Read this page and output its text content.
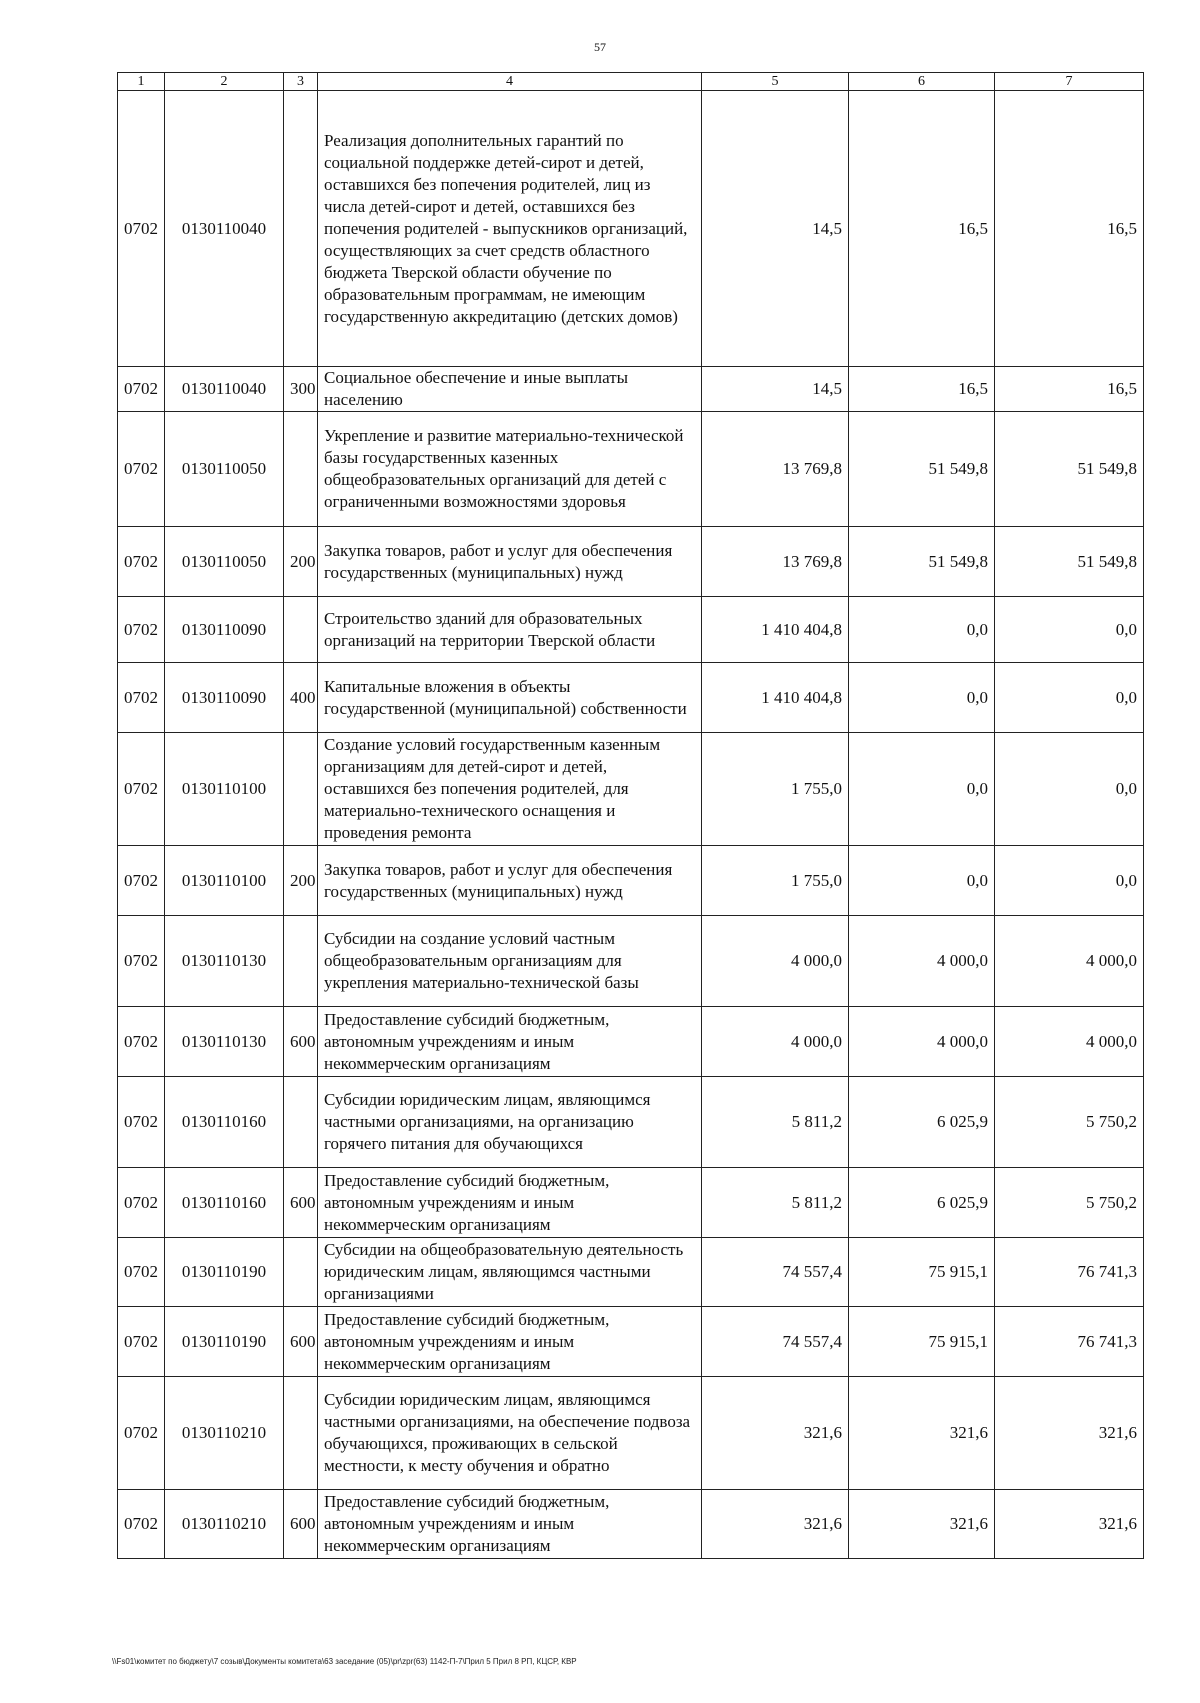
57
1	2	3	4	5	6	7
0702	0130110040		Реализация дополнительных гарантий по социальной поддержке детей-сирот и детей, оставшихся без попечения родителей, лиц из числа детей-сирот и детей, оставшихся без попечения родителей - выпускников организаций, осуществляющих за счет средств областного бюджета Тверской области обучение по образовательным программам, не имеющим государственную аккредитацию (детских домов)	14,5	16,5	16,5
0702	0130110040	300	Социальное обеспечение и иные выплаты населению	14,5	16,5	16,5
0702	0130110050		Укрепление и развитие материально-технической базы государственных казенных общеобразовательных организаций для детей с ограниченными возможностями здоровья	13 769,8	51 549,8	51 549,8
0702	0130110050	200	Закупка товаров, работ и услуг для обеспечения государственных (муниципальных) нужд	13 769,8	51 549,8	51 549,8
0702	0130110090		Строительство зданий для образовательных организаций на территории Тверской области	1 410 404,8	0,0	0,0
0702	0130110090	400	Капитальные вложения в объекты государственной (муниципальной) собственности	1 410 404,8	0,0	0,0
0702	0130110100		Создание условий государственным казенным организациям для детей-сирот и детей, оставшихся без попечения родителей, для материально-технического оснащения и проведения ремонта	1 755,0	0,0	0,0
0702	0130110100	200	Закупка товаров, работ и услуг для обеспечения государственных (муниципальных) нужд	1 755,0	0,0	0,0
0702	0130110130		Субсидии на создание условий частным общеобразовательным организациям для укрепления материально-технической базы	4 000,0	4 000,0	4 000,0
0702	0130110130	600	Предоставление субсидий бюджетным, автономным учреждениям и иным некоммерческим организациям	4 000,0	4 000,0	4 000,0
0702	0130110160		Субсидии юридическим лицам, являющимся частными организациями, на организацию горячего питания для обучающихся	5 811,2	6 025,9	5 750,2
0702	0130110160	600	Предоставление субсидий бюджетным, автономным учреждениям и иным некоммерческим организациям	5 811,2	6 025,9	5 750,2
0702	0130110190		Субсидии на общеобразовательную деятельность юридическим лицам, являющимся частными организациями	74 557,4	75 915,1	76 741,3
0702	0130110190	600	Предоставление субсидий бюджетным, автономным учреждениям и иным некоммерческим организациям	74 557,4	75 915,1	76 741,3
0702	0130110210		Субсидии юридическим лицам, являющимся частными организациями, на обеспечение подвоза обучающихся, проживающих в сельской местности, к месту обучения и обратно	321,6	321,6	321,6
0702	0130110210	600	Предоставление субсидий бюджетным, автономным учреждениям и иным некоммерческим организациям	321,6	321,6	321,6
\\Fs01\комитет по бюджету\7 созыв\Документы комитета\63 заседание (05)\pr\zpr(63) 1142-П-7\Прил 5 Прил 8 РП, КЦСР, КВР
